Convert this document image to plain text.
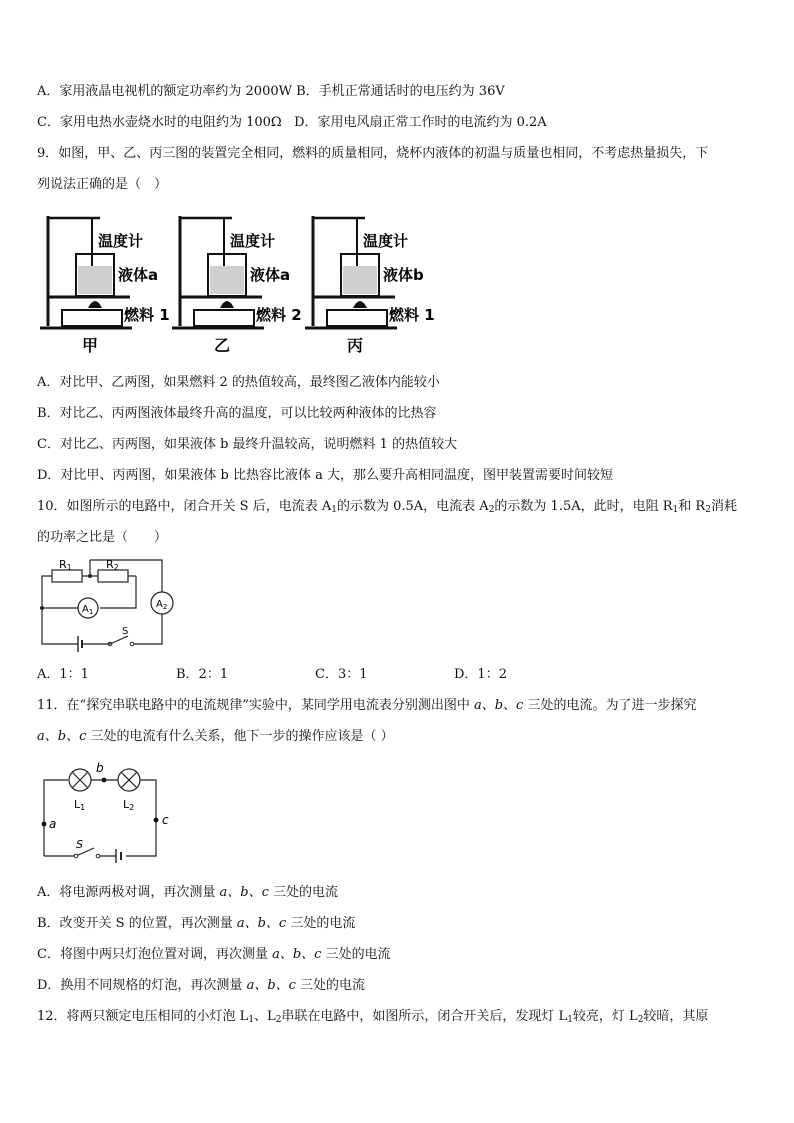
A．家用液晶电视机的额定功率约为 2000W B．手机正常通话时的电压约为 36V
C．家用电热水壶烧水时的电阻约为 100Ω D．家用电风扇正常工作时的电流约为 0.2A
9．如图，甲、乙、丙三图的装置完全相同，燃料的质量相同，烧杯内液体的初温与质量也相同，不考虑热量损失，下
列说法正确的是（　）
温度计
液体a
燃料 1
甲
温度计
液体a
燃料 2
乙
温度计
液体b
燃料 1
丙
A．对比甲、乙两图，如果燃料 2 的热值较高，最终图乙液体内能较小
B．对比乙、丙两图液体最终升高的温度，可以比较两种液体的比热容
C．对比乙、丙两图，如果液体 b 最终升温较高，说明燃料 1 的热值较大
D．对比甲、丙两图，如果液体 b 比热容比液体 a 大，那么要升高相同温度，图甲装置需要时间较短
10．如图所示的电路中，闭合开关 S 后，电流表 $A_1$的示数为 0.5A，电流表 $A_2$的示数为 1.5A，此时，电阻 $R_1$和 $R_2$消耗
的功率之比是（　　）
R1	R2
$A_1$
$A_2$
S
A．1：1	B．2：1	C．3：1	D．1：2
11．在“探究串联电路中的电流规律”实验中，某同学用电流表分别测出图中 a、b、c 三处的电流。为了进一步探究
a、b、c 三处的电流有什么关系，他下一步的操作应该是（ ）
b
a	c
L1	L2
S
A．将电源两极对调，再次测量 a、b、c 三处的电流
B．改变开关 S 的位置，再次测量 a、b、c 三处的电流
C．将图中两只灯泡位置对调，再次测量 a、b、c 三处的电流
D．换用不同规格的灯泡，再次测量 a、b、c 三处的电流
12．将两只额定电压相同的小灯泡 $L_1$、$L_2$串联在电路中，如图所示，闭合开关后，发现灯 $L_1$较亮，灯 $L_2$较暗，其原
